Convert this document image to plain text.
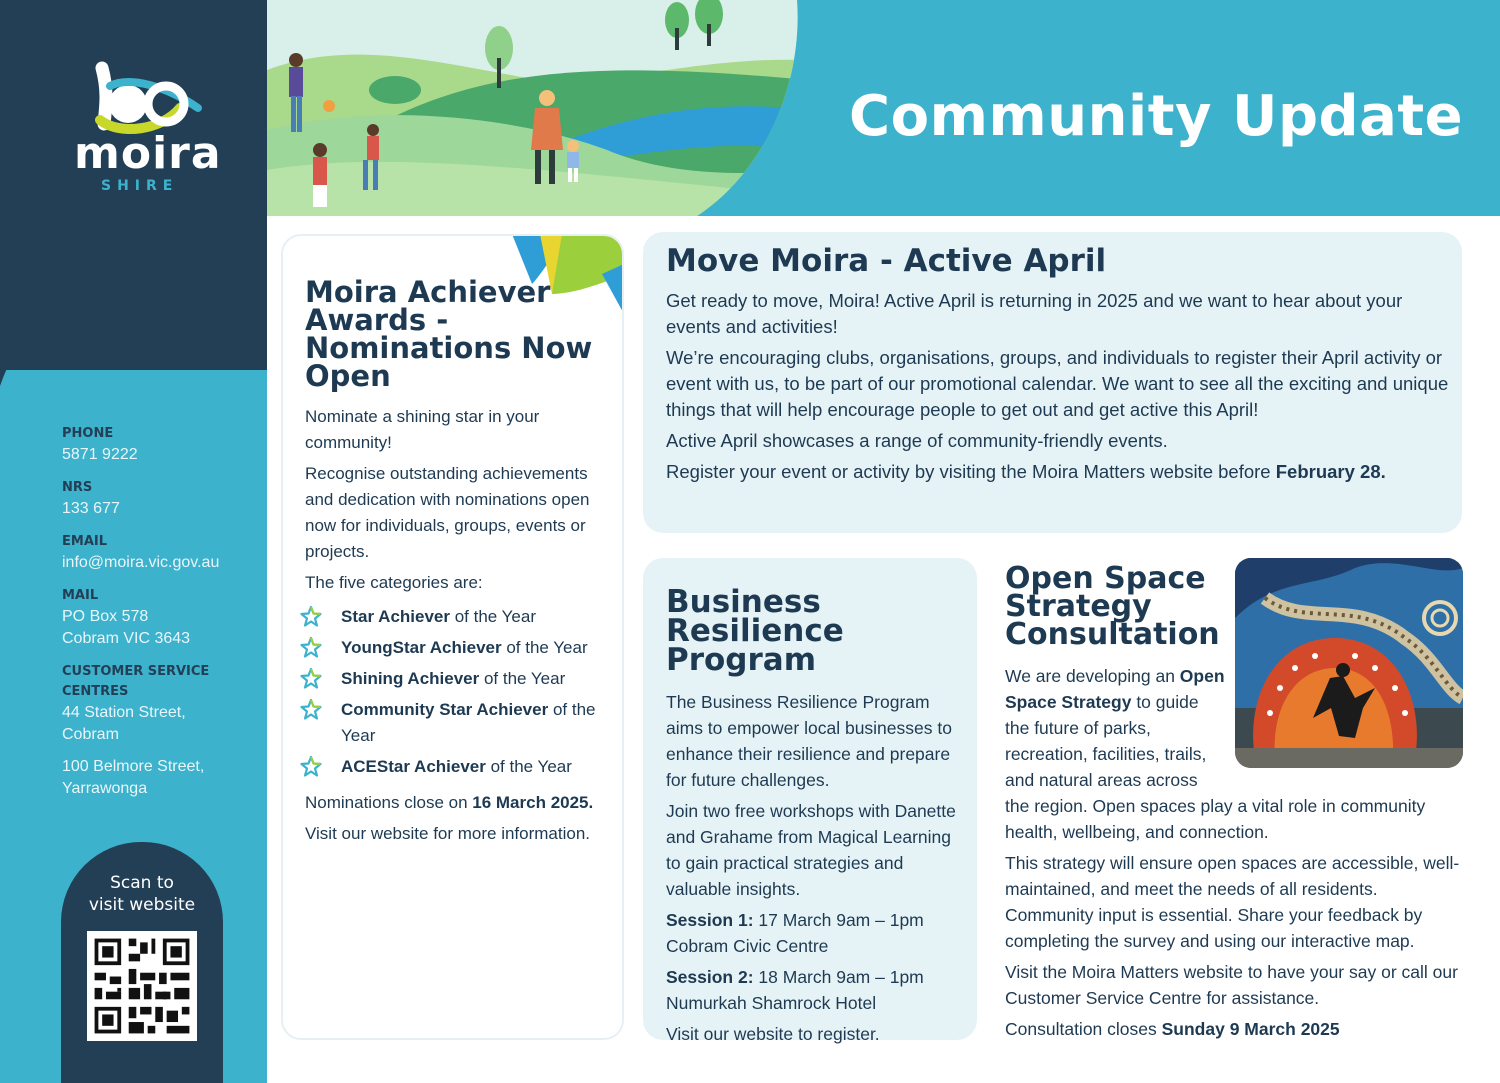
moira
SHIRE
PHONE
5871 9222
NRS
133 677
EMAIL
info@moira.vic.gov.au
MAIL
PO Box 578
Cobram VIC 3643
CUSTOMER SERVICE CENTRES
44 Station Street, Cobram
100 Belmore Street, Yarrawonga
Scan to
visit website
Community Update
Moira Achiever Awards - Nominations Now Open

Nominate a shining star in your community!

Recognise outstanding achievements and dedication with nominations open now for individuals, groups, events or projects.

The five categories are:

Star Achiever of the Year
YoungStar Achiever of the Year
Shining Achiever of the Year
Community Star Achiever of the Year
ACEStar Achiever of the Year

Nominations close on 16 March 2025.

Visit our website for more information.

Move Moira - Active April

Get ready to move, Moira! Active April is returning in 2025 and we want to hear about your events and activities!

We’re encouraging clubs, organisations, groups, and individuals to register their April activity or event with us, to be part of our promotional calendar. We want to see all the exciting and unique things that will help encourage people to get out and get active this April!

Active April showcases a range of community-friendly events.

Register your event or activity by visiting the Moira Matters website before February 28.

Business Resilience Program

The Business Resilience Program aims to empower local businesses to enhance their resilience and prepare for future challenges.

Join two free workshops with Danette and Grahame from Magical Learning to gain practical strategies and valuable insights.

Session 1: 17 March 9am – 1pm
Cobram Civic Centre

Session 2: 18 March 9am – 1pm
Numurkah Shamrock Hotel

Visit our website to register.

Open Space Strategy Consultation

We are developing an Open Space Strategy to guide the future of parks, recreation, facilities, trails, and natural areas across

the region. Open spaces play a vital role in community health, wellbeing, and connection.

This strategy will ensure open spaces are accessible, well-maintained, and meet the needs of all residents. Community input is essential. Share your feedback by completing the survey and using our interactive map.

Visit the Moira Matters website to have your say or call our Customer Service Centre for assistance.

Consultation closes Sunday 9 March 2025
